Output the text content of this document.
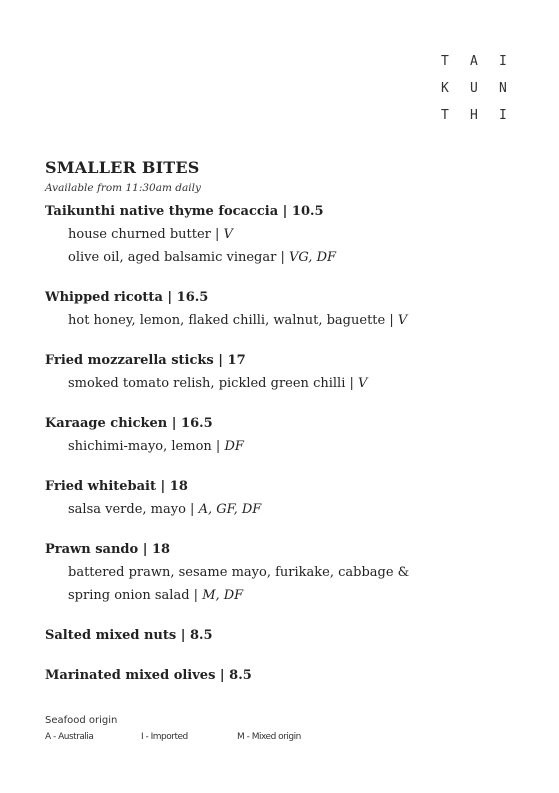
T	A	I
K	U	N
T	H	I
SMALLER BITES
Available from 11:30am daily
Taikunthi native thyme focaccia | 10.5
house churned butter | V
olive oil, aged balsamic vinegar | VG, DF
Whipped ricotta | 16.5
hot honey, lemon, flaked chilli, walnut, baguette | V
Fried mozzarella sticks | 17
smoked tomato relish, pickled green chilli | V
Karaage chicken | 16.5
shichimi-mayo, lemon | DF
Fried whitebait | 18
salsa verde, mayo | A, GF, DF
Prawn sando | 18
battered prawn, sesame mayo, furikake, cabbage &
spring onion salad | M, DF
Salted mixed nuts | 8.5
Marinated mixed olives | 8.5
Seafood origin
A - Australia	I - Imported	M - Mixed origin
